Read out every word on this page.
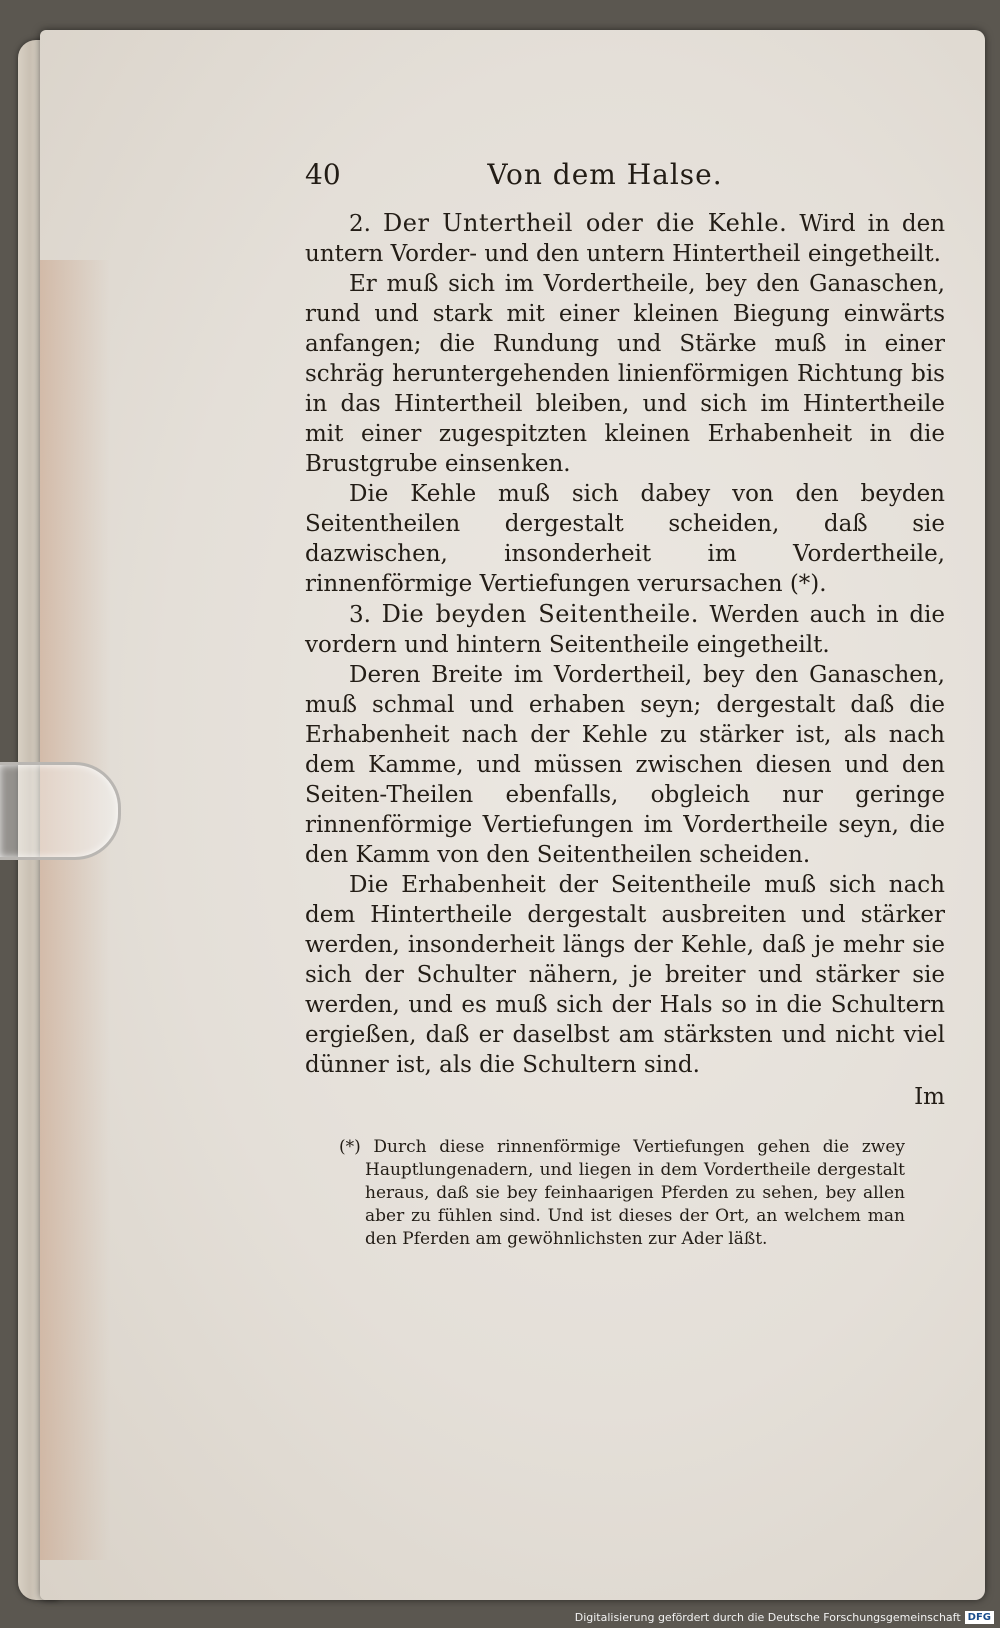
40	Von dem Halse.

2. Der Untertheil oder die Kehle. Wird in den untern Vorder- und den untern Hintertheil eingetheilt.

Er muß sich im Vordertheile, bey den Ganaschen, rund und stark mit einer kleinen Biegung einwärts anfangen; die Rundung und Stärke muß in einer schräg heruntergehenden linienförmigen Richtung bis in das Hintertheil bleiben, und sich im Hintertheile mit einer zugespitzten kleinen Erhabenheit in die Brustgrube einsenken.

Die Kehle muß sich dabey von den beyden Seitentheilen dergestalt scheiden, daß sie dazwischen, insonderheit im Vordertheile, rinnenförmige Vertiefungen verursachen (*).

3. Die beyden Seitentheile. Werden auch in die vordern und hintern Seitentheile eingetheilt.

Deren Breite im Vordertheil, bey den Ganaschen, muß schmal und erhaben seyn; dergestalt daß die Erhabenheit nach der Kehle zu stärker ist, als nach dem Kamme, und müssen zwischen diesen und den Seiten-Theilen ebenfalls, obgleich nur geringe rinnenförmige Vertiefungen im Vordertheile seyn, die den Kamm von den Seitentheilen scheiden.

Die Erhabenheit der Seitentheile muß sich nach dem Hintertheile dergestalt ausbreiten und stärker werden, insonderheit längs der Kehle, daß je mehr sie sich der Schulter nähern, je breiter und stärker sie werden, und es muß sich der Hals so in die Schultern ergießen, daß er daselbst am stärksten und nicht viel dünner ist, als die Schultern sind.

Im
(*) Durch diese rinnenförmige Vertiefungen gehen die zwey Hauptlungenadern, und liegen in dem Vordertheile dergestalt heraus, daß sie bey feinhaarigen Pferden zu sehen, bey allen aber zu fühlen sind. Und ist dieses der Ort, an welchem man den Pferden am gewöhnlichsten zur Ader läßt.
Digitalisierung gefördert durch die Deutsche Forschungsgemeinschaft DFG
